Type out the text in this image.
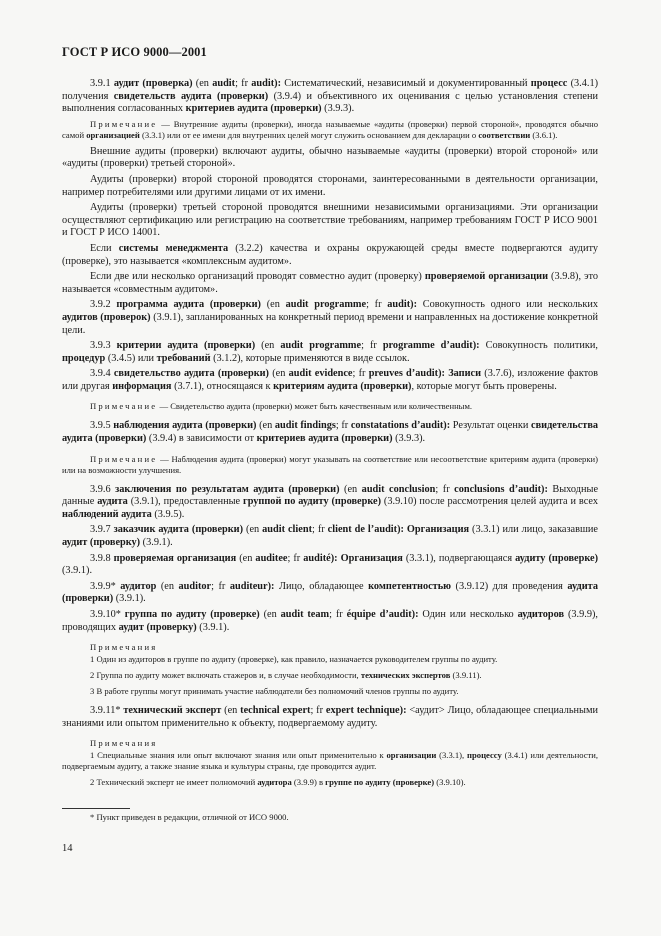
ГОСТ Р ИСО 9000—2001

3.9.1 аудит (проверка) (en audit; fr audit): Систематический, независимый и документированный процесс (3.4.1) получения свидетельств аудита (проверки) (3.9.4) и объективного их оценивания с целью установления степени выполнения согласованных критериев аудита (проверки) (3.9.3).

Примечание — Внутренние аудиты (проверки), иногда называемые «аудиты (проверки) первой стороной», проводятся обычно самой организацией (3.3.1) или от ее имени для внутренних целей могут служить основанием для декларации о соответствии (3.6.1).

Внешние аудиты (проверки) включают аудиты, обычно называемые «аудиты (проверки) второй стороной» или «аудиты (проверки) третьей стороной».

Аудиты (проверки) второй стороной проводятся сторонами, заинтересованными в деятельности организации, например потребителями или другими лицами от их имени.

Аудиты (проверки) третьей стороной проводятся внешними независимыми организациями. Эти организации осуществляют сертификацию или регистрацию на соответствие требованиям, например требованиям ГОСТ Р ИСО 9001 и ГОСТ Р ИСО 14001.

Если системы менеджмента (3.2.2) качества и охраны окружающей среды вместе подвергаются аудиту (проверке), это называется «комплексным аудитом».

Если две или несколько организаций проводят совместно аудит (проверку) проверяемой организации (3.9.8), это называется «совместным аудитом».

3.9.2 программа аудита (проверки) (en audit programme; fr audit): Совокупность одного или нескольких аудитов (проверок) (3.9.1), запланированных на конкретный период времени и направленных на достижение конкретной цели.

3.9.3 критерии аудита (проверки) (en audit programme; fr programme d’audit): Совокупность политики, процедур (3.4.5) или требований (3.1.2), которые применяются в виде ссылок.

3.9.4 свидетельство аудита (проверки) (en audit evidence; fr preuves d’audit): Записи (3.7.6), изложение фактов или другая информация (3.7.1), относящаяся к критериям аудита (проверки), которые могут быть проверены.

Примечание — Свидетельство аудита (проверки) может быть качественным или количественным.

3.9.5 наблюдения аудита (проверки) (en audit findings; fr constatations d’audit): Результат оценки свидетельства аудита (проверки) (3.9.4) в зависимости от критериев аудита (проверки) (3.9.3).

Примечание — Наблюдения аудита (проверки) могут указывать на соответствие или несоответствие критериям аудита (проверки) или на возможности улучшения.

3.9.6 заключения по результатам аудита (проверки) (en audit conclusion; fr conclusions d’audit): Выходные данные аудита (3.9.1), предоставленные группой по аудиту (проверке) (3.9.10) после рассмотрения целей аудита и всех наблюдений аудита (3.9.5).

3.9.7 заказчик аудита (проверки) (en audit client; fr client de l’audit): Организация (3.3.1) или лицо, заказавшие аудит (проверку) (3.9.1).

3.9.8 проверяемая организация (en auditee; fr audité): Организация (3.3.1), подвергающаяся аудиту (проверке) (3.9.1).

3.9.9* аудитор (en auditor; fr auditeur): Лицо, обладающее компетентностью (3.9.12) для проведения аудита (проверки) (3.9.1).

3.9.10* группа по аудиту (проверке) (en audit team; fr équipe d’audit): Один или несколько аудиторов (3.9.9), проводящих аудит (проверку) (3.9.1).

Примечания

1 Один из аудиторов в группе по аудиту (проверке), как правило, назначается руководителем группы по аудиту.

2 Группа по аудиту может включать стажеров и, в случае необходимости, технических экспертов (3.9.11).

3 В работе группы могут принимать участие наблюдатели без полномочий членов группы по аудиту.

3.9.11* технический эксперт (en technical expert; fr expert technique): <аудит> Лицо, обладающее специальными знаниями или опытом применительно к объекту, подвергаемому аудиту.

Примечания

1 Специальные знания или опыт включают знания или опыт применительно к организации (3.3.1), процессу (3.4.1) или деятельности, подвергаемым аудиту, а также знание языка и культуры страны, где проводится аудит.

2 Технический эксперт не имеет полномочий аудитора (3.9.9) в группе по аудиту (проверке) (3.9.10).

* Пункт приведен в редакции, отличной от ИСО 9000.
14
